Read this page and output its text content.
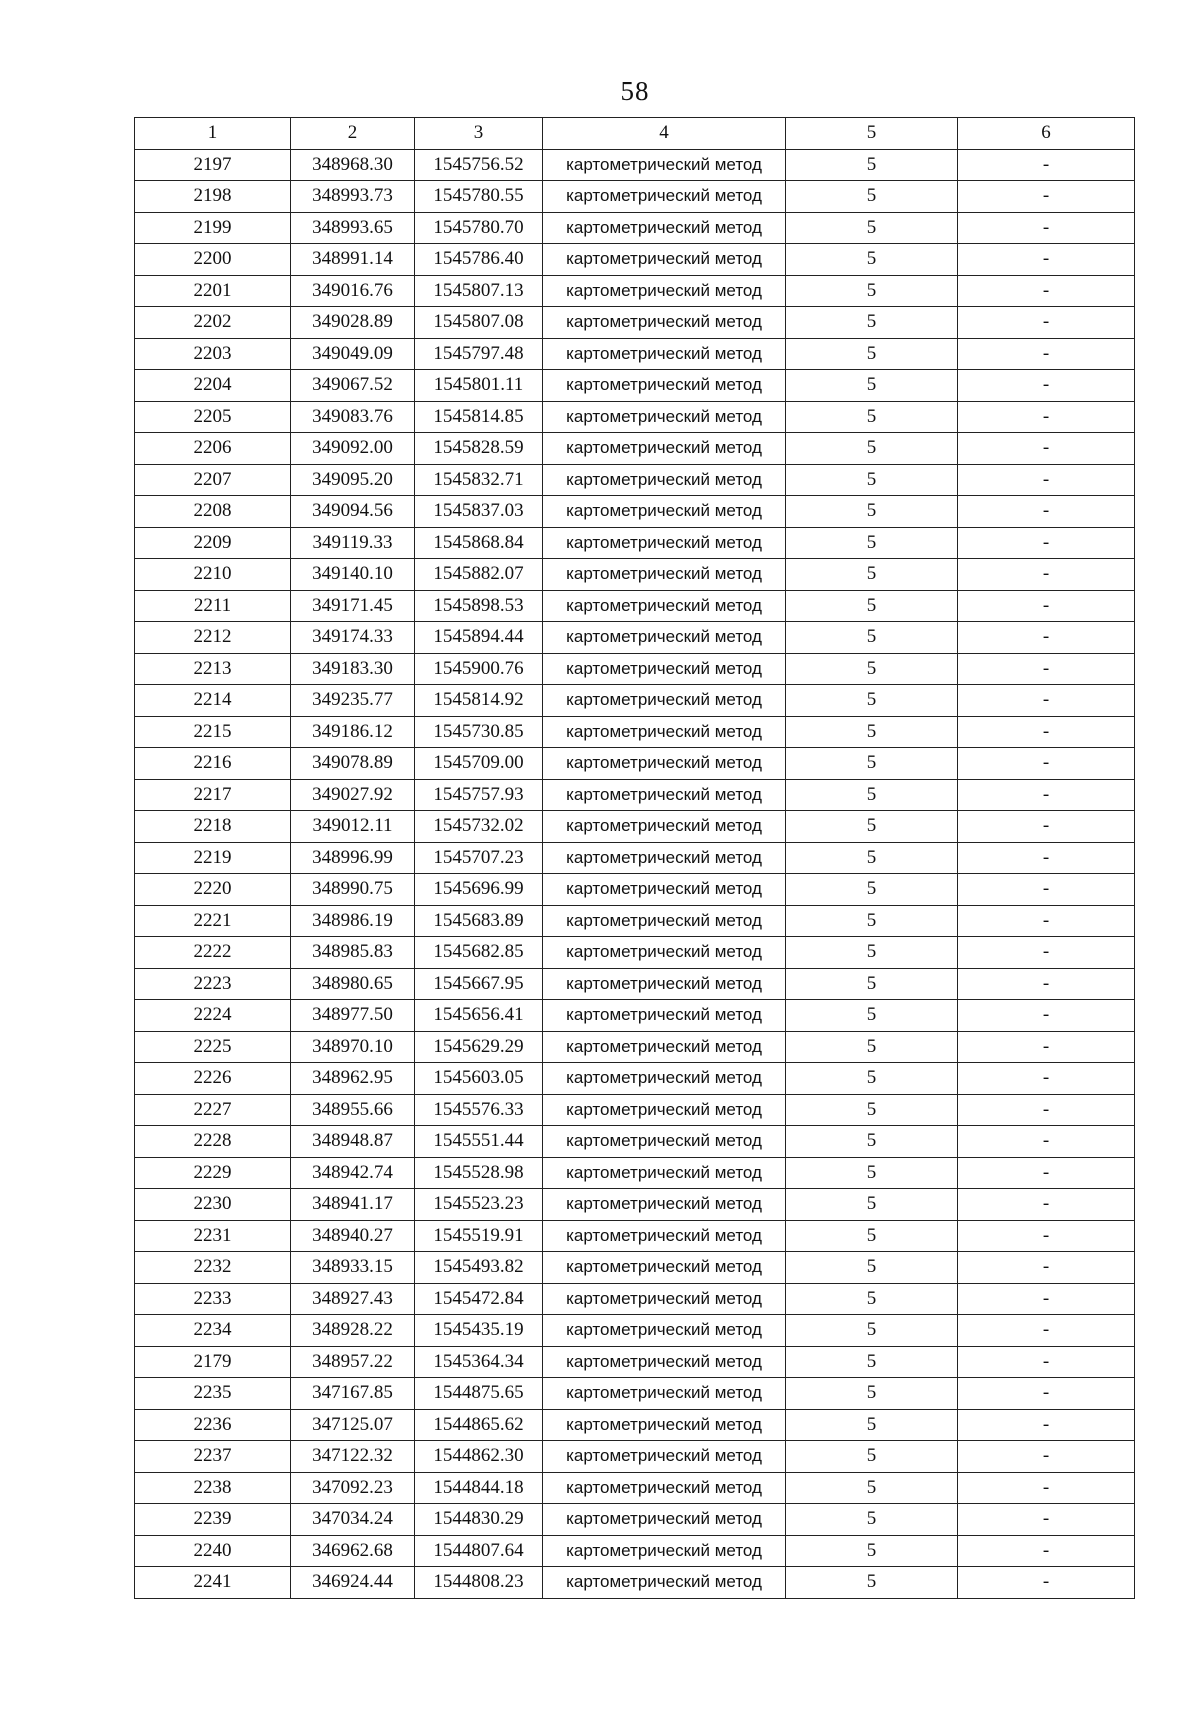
58
1	2	3	4	5	6
2197	348968.30	1545756.52	картометрический метод	5	-
2198	348993.73	1545780.55	картометрический метод	5	-
2199	348993.65	1545780.70	картометрический метод	5	-
2200	348991.14	1545786.40	картометрический метод	5	-
2201	349016.76	1545807.13	картометрический метод	5	-
2202	349028.89	1545807.08	картометрический метод	5	-
2203	349049.09	1545797.48	картометрический метод	5	-
2204	349067.52	1545801.11	картометрический метод	5	-
2205	349083.76	1545814.85	картометрический метод	5	-
2206	349092.00	1545828.59	картометрический метод	5	-
2207	349095.20	1545832.71	картометрический метод	5	-
2208	349094.56	1545837.03	картометрический метод	5	-
2209	349119.33	1545868.84	картометрический метод	5	-
2210	349140.10	1545882.07	картометрический метод	5	-
2211	349171.45	1545898.53	картометрический метод	5	-
2212	349174.33	1545894.44	картометрический метод	5	-
2213	349183.30	1545900.76	картометрический метод	5	-
2214	349235.77	1545814.92	картометрический метод	5	-
2215	349186.12	1545730.85	картометрический метод	5	-
2216	349078.89	1545709.00	картометрический метод	5	-
2217	349027.92	1545757.93	картометрический метод	5	-
2218	349012.11	1545732.02	картометрический метод	5	-
2219	348996.99	1545707.23	картометрический метод	5	-
2220	348990.75	1545696.99	картометрический метод	5	-
2221	348986.19	1545683.89	картометрический метод	5	-
2222	348985.83	1545682.85	картометрический метод	5	-
2223	348980.65	1545667.95	картометрический метод	5	-
2224	348977.50	1545656.41	картометрический метод	5	-
2225	348970.10	1545629.29	картометрический метод	5	-
2226	348962.95	1545603.05	картометрический метод	5	-
2227	348955.66	1545576.33	картометрический метод	5	-
2228	348948.87	1545551.44	картометрический метод	5	-
2229	348942.74	1545528.98	картометрический метод	5	-
2230	348941.17	1545523.23	картометрический метод	5	-
2231	348940.27	1545519.91	картометрический метод	5	-
2232	348933.15	1545493.82	картометрический метод	5	-
2233	348927.43	1545472.84	картометрический метод	5	-
2234	348928.22	1545435.19	картометрический метод	5	-
2179	348957.22	1545364.34	картометрический метод	5	-
2235	347167.85	1544875.65	картометрический метод	5	-
2236	347125.07	1544865.62	картометрический метод	5	-
2237	347122.32	1544862.30	картометрический метод	5	-
2238	347092.23	1544844.18	картометрический метод	5	-
2239	347034.24	1544830.29	картометрический метод	5	-
2240	346962.68	1544807.64	картометрический метод	5	-
2241	346924.44	1544808.23	картометрический метод	5	-
